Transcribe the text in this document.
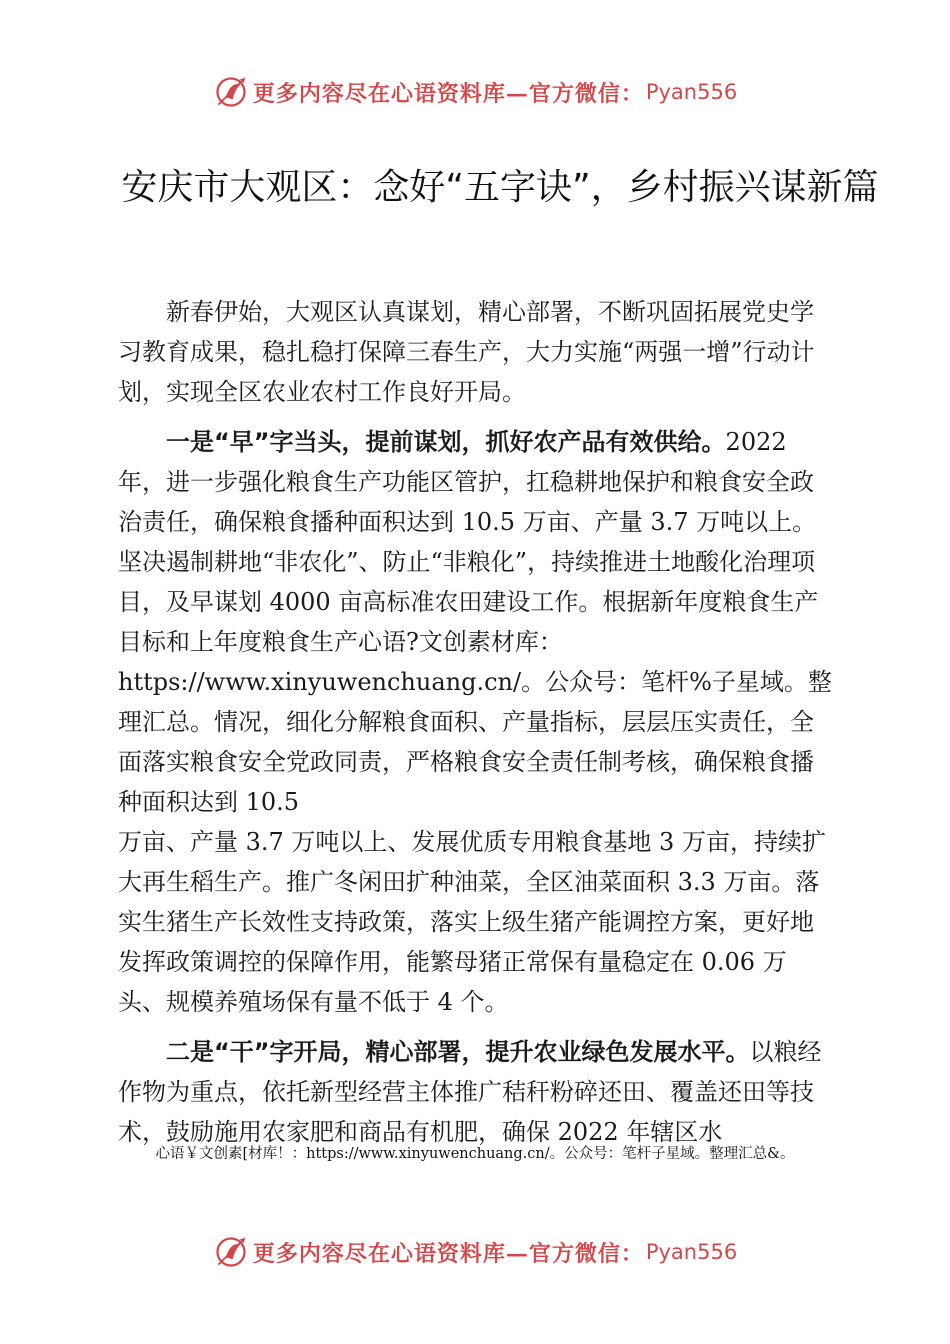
更多内容尽在心语资料库—官方微信： Pyan556
安庆市大观区：念好“五字诀”，乡村振兴谋新篇

新春伊始，大观区认真谋划，精心部署，不断巩固拓展党史学习教育成果，稳扎稳打保障三春生产，大力实施“两强一增”行动计划，实现全区农业农村工作良好开局。

一是“早”字当头，提前谋划，抓好农产品有效供给。2022年，进一步强化粮食生产功能区管护，扛稳耕地保护和粮食安全政治责任，确保粮食播种面积达到 10.5 万亩、产量 3.7 万吨以上。坚决遏制耕地“非农化”、防止“非粮化”，持续推进土地酸化治理项目，及早谋划 4000 亩高标准农田建设工作。根据新年度粮食生产目标和上年度粮食生产心语?文创素材库：

https://www.xinyuwenchuang.cn/。公众号：笔杆%子星域。整理汇总。情况，细化分解粮食面积、产量指标，层层压实责任，全面落实粮食安全党政同责，严格粮食安全责任制考核，确保粮食播种面积达到 10.5

万亩、产量 3.7 万吨以上、发展优质专用粮食基地 3 万亩，持续扩大再生稻生产。推广冬闲田扩种油菜，全区油菜面积 3.3 万亩。落实生猪生产长效性支持政策，落实上级生猪产能调控方案，更好地发挥政策调控的保障作用，能繁母猪正常保有量稳定在 0.06 万头、规模养殖场保有量不低于 4 个。

二是“干”字开局，精心部署，提升农业绿色发展水平。以粮经作物为重点，依托新型经营主体推广秸秆粉碎还田、覆盖还田等技术，鼓励施用农家肥和商品有机肥，确保 2022 年辖区水

心语￥文创素[材库！：https://www.xinyuwenchuang.cn/。公众号：笔杆子星域。整理汇总&。
更多内容尽在心语资料库—官方微信： Pyan556
